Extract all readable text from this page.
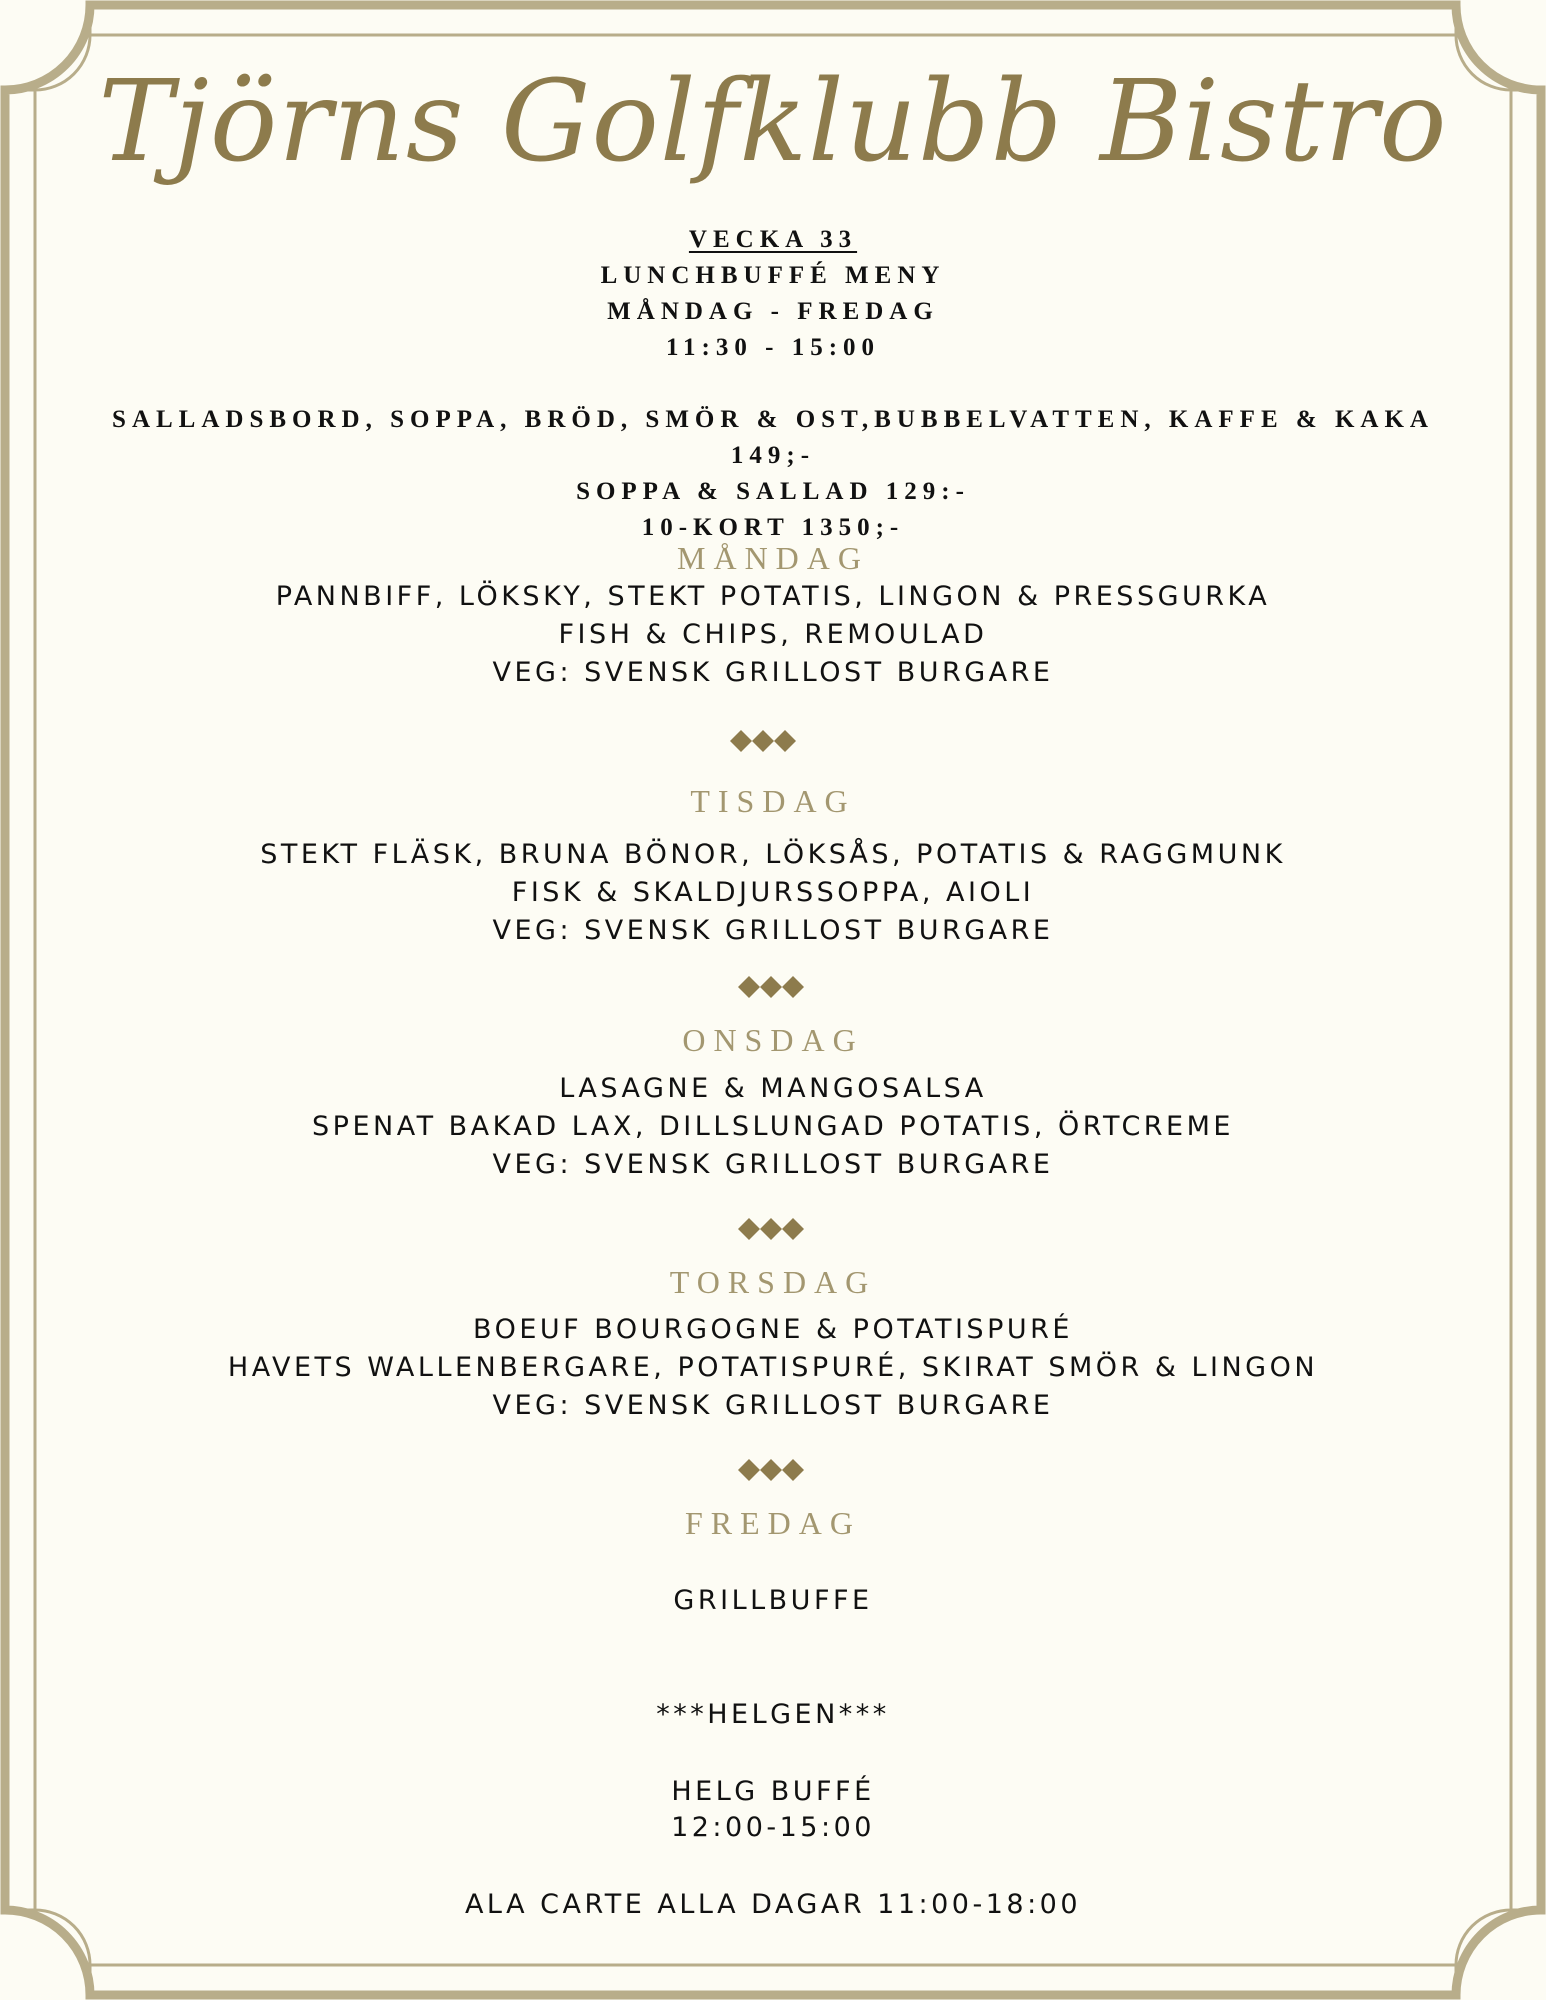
Tjörns Golfklubb Bistro
VECKA 33
LUNCHBUFFÉ MENY
MÅNDAG - FREDAG
11:30 - 15:00
SALLADSBORD, SOPPA, BRÖD, SMÖR & OST,BUBBELVATTEN, KAFFE & KAKA
149;-
SOPPA & SALLAD 129:-
10-KORT 1350;-
MÅNDAG
PANNBIFF, LÖKSKY, STEKT POTATIS, LINGON & PRESSGURKA
FISH & CHIPS, REMOULAD
VEG: SVENSK GRILLOST BURGARE
TISDAG
STEKT FLÄSK, BRUNA BÖNOR, LÖKSÅS, POTATIS & RAGGMUNK
FISK & SKALDJURSSOPPA, AIOLI
VEG: SVENSK GRILLOST BURGARE
ONSDAG
LASAGNE & MANGOSALSA
SPENAT BAKAD LAX, DILLSLUNGAD POTATIS, ÖRTCREME
VEG: SVENSK GRILLOST BURGARE
TORSDAG
BOEUF BOURGOGNE & POTATISPURÉ
HAVETS WALLENBERGARE, POTATISPURÉ, SKIRAT SMÖR & LINGON
VEG: SVENSK GRILLOST BURGARE
FREDAG
GRILLBUFFE
***HELGEN***
HELG BUFFÉ
12:00-15:00
ALA CARTE ALLA DAGAR 11:00-18:00
